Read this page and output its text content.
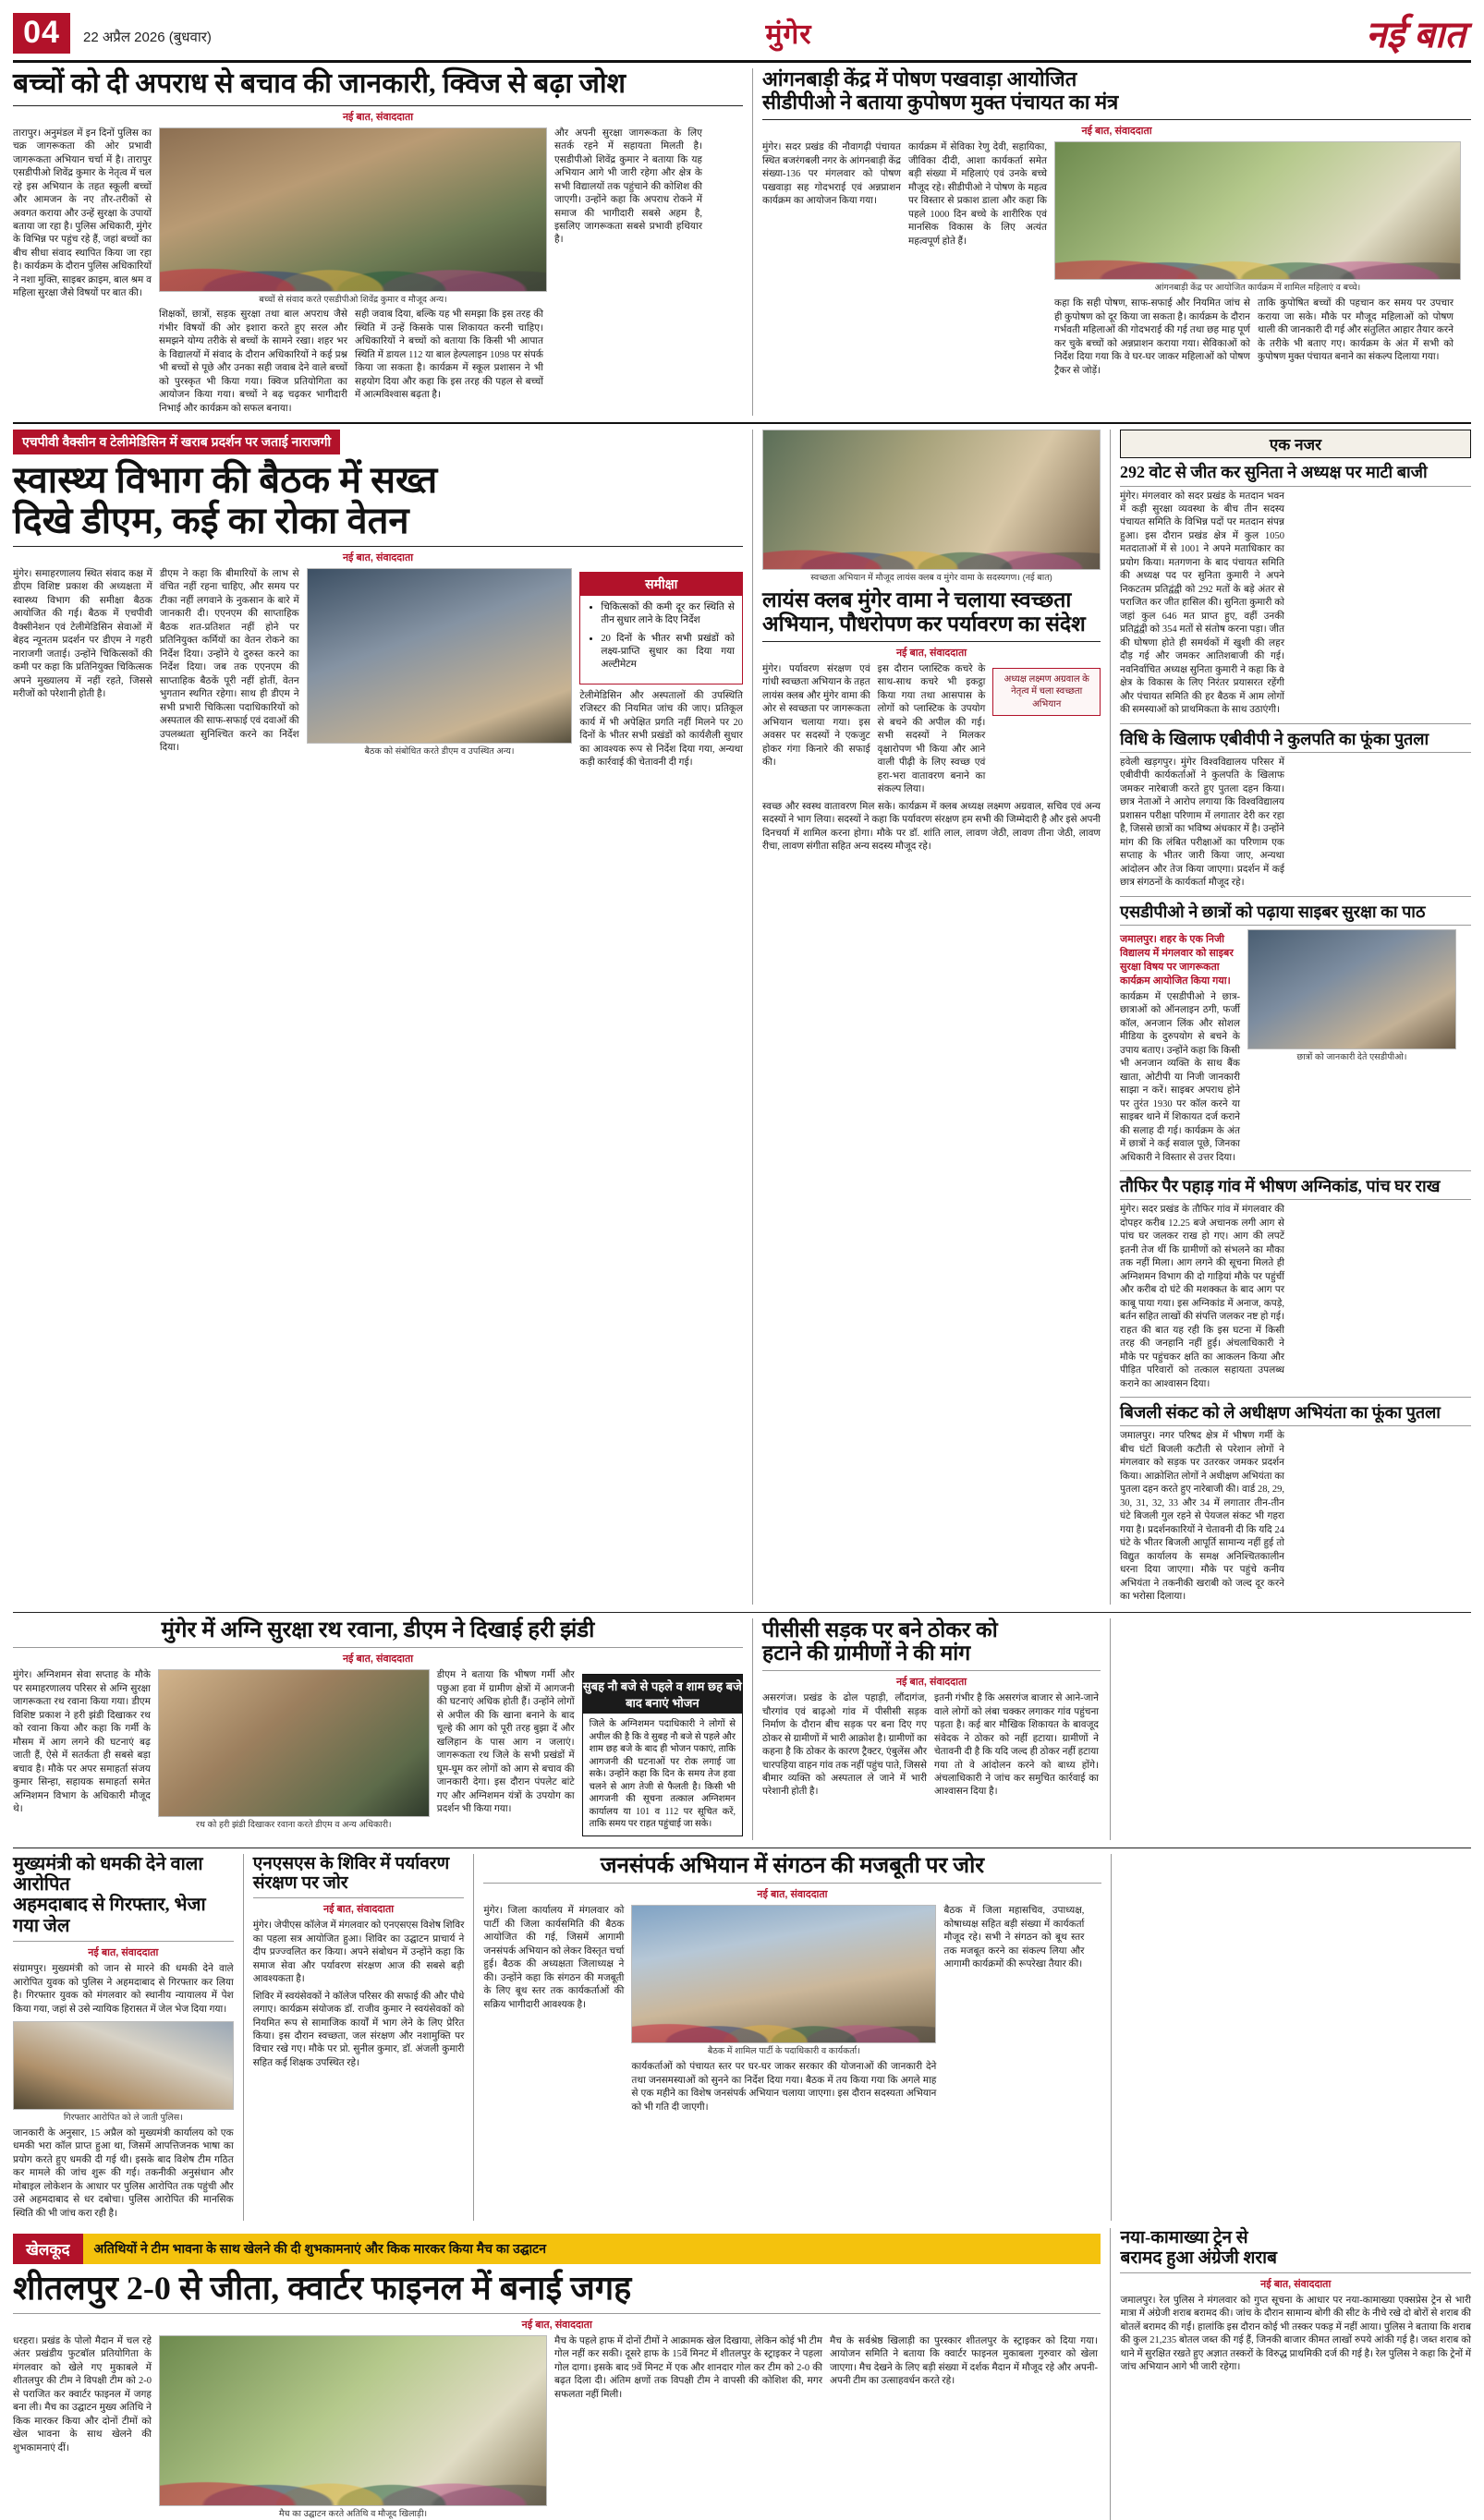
04	22 अप्रैल 2026 (बुधवार)	मुंगेर	नई बात
बच्चों को दी अपराध से बचाव की जानकारी, क्विज से बढ़ा जोश
नई बात, संवाददाता
तारापुर। अनुमंडल में इन दिनों पुलिस का चक्र जागरूकता की ओर प्रभावी जागरूकता अभियान चर्चा में है। तारापुर एसडीपीओ शिवेंद्र कुमार के नेतृत्व में चल रहे इस अभियान के तहत स्कूली बच्चों और आमजन के नए तौर-तरीकों से अवगत कराया और उन्हें सुरक्षा के उपायों बताया जा रहा है। पुलिस अधिकारी, मुंगेर के विभिन्न पर पहुंच रहे हैं, जहां बच्चों का बीच सीधा संवाद स्थापित किया जा रहा है। कार्यक्रम के दौरान पुलिस अधिकारियों ने नशा मुक्ति, साइबर क्राइम, बाल श्रम व महिला सुरक्षा जैसे विषयों पर बात की।
बच्चों से संवाद करते एसडीपीओ शिवेंद्र कुमार व मौजूद अन्य।
शिक्षकों, छात्रों, सड़क सुरक्षा तथा बाल अपराध जैसे गंभीर विषयों की ओर इशारा करते हुए सरल और समझने योग्य तरीके से बच्चों के सामने रखा। शहर भर के विद्यालयों में संवाद के दौरान अधिकारियों ने कई प्रश्न भी बच्चों से पूछे और उनका सही जवाब देने वाले बच्चों को पुरस्कृत भी किया गया। क्विज प्रतियोगिता का आयोजन किया गया। बच्चों ने बढ़ चढ़कर भागीदारी निभाई और कार्यक्रम को सफल बनाया।
सही जवाब दिया, बल्कि यह भी समझा कि इस तरह की स्थिति में उन्हें किसके पास शिकायत करनी चाहिए। अधिकारियों ने बच्चों को बताया कि किसी भी आपात स्थिति में डायल 112 या बाल हेल्पलाइन 1098 पर संपर्क किया जा सकता है। कार्यक्रम में स्कूल प्रशासन ने भी सहयोग दिया और कहा कि इस तरह की पहल से बच्चों में आत्मविश्वास बढ़ता है।
और अपनी सुरक्षा जागरूकता के लिए सतर्क रहने में सहायता मिलती है। एसडीपीओ शिवेंद्र कुमार ने बताया कि यह अभियान आगे भी जारी रहेगा और क्षेत्र के सभी विद्यालयों तक पहुंचाने की कोशिश की जाएगी। उन्होंने कहा कि अपराध रोकने में समाज की भागीदारी सबसे अहम है, इसलिए जागरूकता सबसे प्रभावी हथियार है।
आंगनबाड़ी केंद्र में पोषण पखवाड़ा आयोजित
सीडीपीओ ने बताया कुपोषण मुक्त पंचायत का मंत्र
नई बात, संवाददाता
मुंगेर। सदर प्रखंड की नौवागढ़ी पंचायत स्थित बजरंगबली नगर के आंगनबाड़ी केंद्र संख्या-136 पर मंगलवार को पोषण पखवाड़ा सह गोदभराई एवं अन्नप्राशन कार्यक्रम का आयोजन किया गया।
कार्यक्रम में सेविका रेणु देवी, सहायिका, जीविका दीदी, आशा कार्यकर्ता समेत बड़ी संख्या में महिलाएं एवं उनके बच्चे मौजूद रहे। सीडीपीओ ने पोषण के महत्व पर विस्तार से प्रकाश डाला और कहा कि पहले 1000 दिन बच्चे के शारीरिक एवं मानसिक विकास के लिए अत्यंत महत्वपूर्ण होते हैं।
आंगनबाड़ी केंद्र पर आयोजित कार्यक्रम में शामिल महिलाएं व बच्चे।
कहा कि सही पोषण, साफ-सफाई और नियमित जांच से ही कुपोषण को दूर किया जा सकता है। कार्यक्रम के दौरान गर्भवती महिलाओं की गोदभराई की गई तथा छह माह पूर्ण कर चुके बच्चों को अन्नप्राशन कराया गया। सेविकाओं को निर्देश दिया गया कि वे घर-घर जाकर महिलाओं को पोषण ट्रैकर से जोड़ें।
ताकि कुपोषित बच्चों की पहचान कर समय पर उपचार कराया जा सके। मौके पर मौजूद महिलाओं को पोषण थाली की जानकारी दी गई और संतुलित आहार तैयार करने के तरीके भी बताए गए। कार्यक्रम के अंत में सभी को कुपोषण मुक्त पंचायत बनाने का संकल्प दिलाया गया।
एचपीवी वैक्सीन व टेलीमेडिसिन में खराब प्रदर्शन पर जताई नाराजगी
स्वास्थ्य विभाग की बैठक में सख्त
दिखे डीएम, कई का रोका वेतन
नई बात, संवाददाता
मुंगेर। समाहरणालय स्थित संवाद कक्ष में डीएम विशिष्ट प्रकाश की अध्यक्षता में स्वास्थ्य विभाग की समीक्षा बैठक आयोजित की गई। बैठक में एचपीवी वैक्सीनेशन एवं टेलीमेडिसिन सेवाओं में बेहद न्यूनतम प्रदर्शन पर डीएम ने गहरी नाराजगी जताई। उन्होंने चिकित्सकों की कमी पर कहा कि प्रतिनियुक्त चिकित्सक अपने मुख्यालय में नहीं रहते, जिससे मरीजों को परेशानी होती है।
डीएम ने कहा कि बीमारियों के लाभ से वंचित नहीं रहना चाहिए, और समय पर टीका नहीं लगवाने के नुकसान के बारे में जानकारी दी। एएनएम की साप्ताहिक बैठक शत-प्रतिशत नहीं होने पर प्रतिनियुक्त कर्मियों का वेतन रोकने का निर्देश दिया। उन्होंने ये दुरुस्त करने का निर्देश दिया। जब तक एएनएम की साप्ताहिक बैठकें पूरी नहीं होतीं, वेतन भुगतान स्थगित रहेगा। साथ ही डीएम ने सभी प्रभारी चिकित्सा पदाधिकारियों को अस्पताल की साफ-सफाई एवं दवाओं की उपलब्धता सुनिश्चित करने का निर्देश दिया।	बैठक को संबोधित करते डीएम व उपस्थित अन्य।
समीक्षा
• चिकित्सकों की कमी दूर कर स्थिति से तीन सुधार लाने के दिए निर्देश
• 20 दिनों के भीतर सभी प्रखंडों को लक्ष्य-प्राप्ति सुधार का दिया गया अल्टीमेटम
टेलीमेडिसिन और अस्पतालों की उपस्थिति रजिस्टर की नियमित जांच की जाए। प्रतिकूल कार्य में भी अपेक्षित प्रगति नहीं मिलने पर 20 दिनों के भीतर सभी प्रखंडों को कार्यशैली सुधार का आवश्यक रूप से निर्देश दिया गया, अन्यथा कड़ी कार्रवाई की चेतावनी दी गई।
स्वच्छता अभियान में मौजूद लायंस क्लब व मुंगेर वामा के सदस्यगण। (नई बात)
लायंस क्लब मुंगेर वामा ने चलाया स्वच्छता
अभियान, पौधरोपण कर पर्यावरण का संदेश
नई बात, संवाददाता
मुंगेर। पर्यावरण संरक्षण एवं गांधी स्वच्छता अभियान के तहत लायंस क्लब और मुंगेर वामा की ओर से स्वच्छता पर जागरूकता अभियान चलाया गया। इस अवसर पर सदस्यों ने एकजुट होकर गंगा किनारे की सफाई की।
इस दौरान प्लास्टिक कचरे के साथ-साथ कचरे भी इकट्ठा किया गया तथा आसपास के लोगों को प्लास्टिक के उपयोग से बचने की अपील की गई। सभी सदस्यों ने मिलकर वृक्षारोपण भी किया और आने वाली पीढ़ी के लिए स्वच्छ एवं हरा-भरा वातावरण बनाने का संकल्प लिया।
अध्यक्ष लक्ष्मण अग्रवाल के नेतृत्व में चला स्वच्छता अभियान
स्वच्छ और स्वस्थ वातावरण मिल सके। कार्यक्रम में क्लब अध्यक्ष लक्ष्मण अग्रवाल, सचिव एवं अन्य सदस्यों ने भाग लिया। सदस्यों ने कहा कि पर्यावरण संरक्षण हम सभी की जिम्मेदारी है और इसे अपनी दिनचर्या में शामिल करना होगा। मौके पर डॉ. शांति लाल, लावण जेठी, लावण तीना जेठी, लावण रीचा, लावण संगीता सहित अन्य सदस्य मौजूद रहे।
एक नजर
292 वोट से जीत कर सुनिता ने अध्यक्ष पर माटी बाजी
मुंगेर। मंगलवार को सदर प्रखंड के मतदान भवन में कड़ी सुरक्षा व्यवस्था के बीच तीन सदस्य पंचायत समिति के विभिन्न पदों पर मतदान संपन्न हुआ। इस दौरान प्रखंड क्षेत्र में कुल 1050 मतदाताओं में से 1001 ने अपने मताधिकार का प्रयोग किया। मतगणना के बाद पंचायत समिति की अध्यक्ष पद पर सुनिता कुमारी ने अपने निकटतम प्रतिद्वंद्वी को 292 मतों के बड़े अंतर से पराजित कर जीत हासिल की। सुनिता कुमारी को जहां कुल 646 मत प्राप्त हुए, वहीं उनकी प्रतिद्वंद्वी को 354 मतों से संतोष करना पड़ा। जीत की घोषणा होते ही समर्थकों में खुशी की लहर दौड़ गई और जमकर आतिशबाजी की गई। नवनिर्वाचित अध्यक्ष सुनिता कुमारी ने कहा कि वे क्षेत्र के विकास के लिए निरंतर प्रयासरत रहेंगी और पंचायत समिति की हर बैठक में आम लोगों की समस्याओं को प्राथमिकता के साथ उठाएंगी।
विधि के खिलाफ एबीवीपी ने कुलपति का फूंका पुतला
हवेली खड़गपुर। मुंगेर विश्वविद्यालय परिसर में एबीवीपी कार्यकर्ताओं ने कुलपति के खिलाफ जमकर नारेबाजी करते हुए पुतला दहन किया। छात्र नेताओं ने आरोप लगाया कि विश्वविद्यालय प्रशासन परीक्षा परिणाम में लगातार देरी कर रहा है, जिससे छात्रों का भविष्य अंधकार में है। उन्होंने मांग की कि लंबित परीक्षाओं का परिणाम एक सप्ताह के भीतर जारी किया जाए, अन्यथा आंदोलन और तेज किया जाएगा। प्रदर्शन में कई छात्र संगठनों के कार्यकर्ता मौजूद रहे।
एसडीपीओ ने छात्रों को पढ़ाया साइबर सुरक्षा का पाठ
जमालपुर। शहर के एक निजी विद्यालय में मंगलवार को साइबर सुरक्षा विषय पर जागरूकता कार्यक्रम आयोजित किया गया।
कार्यक्रम में एसडीपीओ ने छात्र-छात्राओं को ऑनलाइन ठगी, फर्जी कॉल, अनजान लिंक और सोशल मीडिया के दुरुपयोग से बचने के उपाय बताए। उन्होंने कहा कि किसी भी अनजान व्यक्ति के साथ बैंक खाता, ओटीपी या निजी जानकारी साझा न करें। साइबर अपराध होने पर तुरंत 1930 पर कॉल करने या साइबर थाने में शिकायत दर्ज कराने की सलाह दी गई। कार्यक्रम के अंत में छात्रों ने कई सवाल पूछे, जिनका अधिकारी ने विस्तार से उत्तर दिया।
छात्रों को जानकारी देते एसडीपीओ।
तौफिर पैर पहाड़ गांव में भीषण अग्निकांड, पांच घर राख
मुंगेर। सदर प्रखंड के तौफिर गांव में मंगलवार की दोपहर करीब 12.25 बजे अचानक लगी आग से पांच घर जलकर राख हो गए। आग की लपटें इतनी तेज थीं कि ग्रामीणों को संभलने का मौका तक नहीं मिला। आग लगने की सूचना मिलते ही अग्निशमन विभाग की दो गाड़ियां मौके पर पहुंचीं और करीब दो घंटे की मशक्कत के बाद आग पर काबू पाया गया। इस अग्निकांड में अनाज, कपड़े, बर्तन सहित लाखों की संपत्ति जलकर नष्ट हो गई। राहत की बात यह रही कि इस घटना में किसी तरह की जनहानि नहीं हुई। अंचलाधिकारी ने मौके पर पहुंचकर क्षति का आकलन किया और पीड़ित परिवारों को तत्काल सहायता उपलब्ध कराने का आश्वासन दिया।
बिजली संकट को ले अधीक्षण अभियंता का फूंका पुतला
जमालपुर। नगर परिषद क्षेत्र में भीषण गर्मी के बीच घंटों बिजली कटौती से परेशान लोगों ने मंगलवार को सड़क पर उतरकर जमकर प्रदर्शन किया। आक्रोशित लोगों ने अधीक्षण अभियंता का पुतला दहन करते हुए नारेबाजी की। वार्ड 28, 29, 30, 31, 32, 33 और 34 में लगातार तीन-तीन घंटे बिजली गुल रहने से पेयजल संकट भी गहरा गया है। प्रदर्शनकारियों ने चेतावनी दी कि यदि 24 घंटे के भीतर बिजली आपूर्ति सामान्य नहीं हुई तो विद्युत कार्यालय के समक्ष अनिश्चितकालीन धरना दिया जाएगा। मौके पर पहुंचे कनीय अभियंता ने तकनीकी खराबी को जल्द दूर करने का भरोसा दिलाया।
मुंगेर में अग्नि सुरक्षा रथ रवाना, डीएम ने दिखाई हरी झंडी
नई बात, संवाददाता
मुंगेर। अग्निशमन सेवा सप्ताह के मौके पर समाहरणालय परिसर से अग्नि सुरक्षा जागरूकता रथ रवाना किया गया। डीएम विशिष्ट प्रकाश ने हरी झंडी दिखाकर रथ को रवाना किया और कहा कि गर्मी के मौसम में आग लगने की घटनाएं बढ़ जाती हैं, ऐसे में सतर्कता ही सबसे बड़ा बचाव है। मौके पर अपर समाहर्ता संजय कुमार सिन्हा, सहायक समाहर्ता समेत अग्निशमन विभाग के अधिकारी मौजूद थे।
रथ को हरी झंडी दिखाकर रवाना करते डीएम व अन्य अधिकारी।
डीएम ने बताया कि भीषण गर्मी और पछुआ हवा में ग्रामीण क्षेत्रों में आगजनी की घटनाएं अधिक होती हैं। उन्होंने लोगों से अपील की कि खाना बनाने के बाद चूल्हे की आग को पूरी तरह बुझा दें और खलिहान के पास आग न जलाएं। जागरूकता रथ जिले के सभी प्रखंडों में घूम-घूम कर लोगों को आग से बचाव की जानकारी देगा। इस दौरान पंपलेट बांटे गए और अग्निशमन यंत्रों के उपयोग का प्रदर्शन भी किया गया।
सुबह नौ बजे से पहले व शाम छह बजे बाद बनाएं भोजन
जिले के अग्निशमन पदाधिकारी ने लोगों से अपील की है कि वे सुबह नौ बजे से पहले और शाम छह बजे के बाद ही भोजन पकाएं, ताकि आगजनी की घटनाओं पर रोक लगाई जा सके। उन्होंने कहा कि दिन के समय तेज हवा चलने से आग तेजी से फैलती है। किसी भी आगजनी की सूचना तत्काल अग्निशमन कार्यालय या 101 व 112 पर सूचित करें, ताकि समय पर राहत पहुंचाई जा सके।
पीसीसी सड़क पर बने ठोकर को
हटाने की ग्रामीणों ने की मांग
नई बात, संवाददाता
असरगंज। प्रखंड के ढोल पहाड़ी, लौंदागंज, चौरगांव एवं बाढ़ओ गांव में पीसीसी सड़क निर्माण के दौरान बीच सड़क पर बना दिए गए ठोकर से ग्रामीणों में भारी आक्रोश है। ग्रामीणों का कहना है कि ठोकर के कारण ट्रैक्टर, एंबुलेंस और चारपहिया वाहन गांव तक नहीं पहुंच पाते, जिससे बीमार व्यक्ति को अस्पताल ले जाने में भारी परेशानी होती है।
इतनी गंभीर है कि असरगंज बाजार से आने-जाने वाले लोगों को लंबा चक्कर लगाकर गांव पहुंचना पड़ता है। कई बार मौखिक शिकायत के बावजूद संवेदक ने ठोकर को नहीं हटाया। ग्रामीणों ने चेतावनी दी है कि यदि जल्द ही ठोकर नहीं हटाया गया तो वे आंदोलन करने को बाध्य होंगे। अंचलाधिकारी ने जांच कर समुचित कार्रवाई का आश्वासन दिया है।
मुख्यमंत्री को धमकी देने वाला आरोपित
अहमदाबाद से गिरफ्तार, भेजा गया जेल
नई बात, संवाददाता
संग्रामपुर। मुख्यमंत्री को जान से मारने की धमकी देने वाले आरोपित युवक को पुलिस ने अहमदाबाद से गिरफ्तार कर लिया है। गिरफ्तार युवक को मंगलवार को स्थानीय न्यायालय में पेश किया गया, जहां से उसे न्यायिक हिरासत में जेल भेज दिया गया।
गिरफ्तार आरोपित को ले जाती पुलिस।
जानकारी के अनुसार, 15 अप्रैल को मुख्यमंत्री कार्यालय को एक धमकी भरा कॉल प्राप्त हुआ था, जिसमें आपत्तिजनक भाषा का प्रयोग करते हुए धमकी दी गई थी। इसके बाद विशेष टीम गठित कर मामले की जांच शुरू की गई। तकनीकी अनुसंधान और मोबाइल लोकेशन के आधार पर पुलिस आरोपित तक पहुंची और उसे अहमदाबाद से धर दबोचा। पुलिस आरोपित की मानसिक स्थिति की भी जांच करा रही है।
एनएसएस के शिविर में पर्यावरण संरक्षण पर जोर
नई बात, संवाददाता
मुंगेर। जेपीएस कॉलेज में मंगलवार को एनएसएस विशेष शिविर का पहला सत्र आयोजित हुआ। शिविर का उद्घाटन प्राचार्य ने दीप प्रज्ज्वलित कर किया। अपने संबोधन में उन्होंने कहा कि समाज सेवा और पर्यावरण संरक्षण आज की सबसे बड़ी आवश्यकता है।
शिविर में स्वयंसेवकों ने कॉलेज परिसर की सफाई की और पौधे लगाए। कार्यक्रम संयोजक डॉ. राजीव कुमार ने स्वयंसेवकों को नियमित रूप से सामाजिक कार्यों में भाग लेने के लिए प्रेरित किया। इस दौरान स्वच्छता, जल संरक्षण और नशामुक्ति पर विचार रखे गए। मौके पर प्रो. सुनील कुमार, डॉ. अंजली कुमारी सहित कई शिक्षक उपस्थित रहे।
जनसंपर्क अभियान में संगठन की मजबूती पर जोर
नई बात, संवाददाता
मुंगेर। जिला कार्यालय में मंगलवार को पार्टी की जिला कार्यसमिति की बैठक आयोजित की गई, जिसमें आगामी जनसंपर्क अभियान को लेकर विस्तृत चर्चा हुई। बैठक की अध्यक्षता जिलाध्यक्ष ने की। उन्होंने कहा कि संगठन की मजबूती के लिए बूथ स्तर तक कार्यकर्ताओं की सक्रिय भागीदारी आवश्यक है।
बैठक में शामिल पार्टी के पदाधिकारी व कार्यकर्ता।
कार्यकर्ताओं को पंचायत स्तर पर घर-घर जाकर सरकार की योजनाओं की जानकारी देने तथा जनसमस्याओं को सुनने का निर्देश दिया गया। बैठक में तय किया गया कि अगले माह से एक महीने का विशेष जनसंपर्क अभियान चलाया जाएगा। इस दौरान सदस्यता अभियान को भी गति दी जाएगी।
बैठक में जिला महासचिव, उपाध्यक्ष, कोषाध्यक्ष सहित बड़ी संख्या में कार्यकर्ता मौजूद रहे। सभी ने संगठन को बूथ स्तर तक मजबूत करने का संकल्प लिया और आगामी कार्यक्रमों की रूपरेखा तैयार की।
खेलकूद	अतिथियों ने टीम भावना के साथ खेलने की दी शुभकामनाएं और किक मारकर किया मैच का उद्घाटन
शीतलपुर 2-0 से जीता, क्वार्टर फाइनल में बनाई जगह
नई बात, संवाददाता
धरहरा। प्रखंड के पोलो मैदान में चल रहे अंतर प्रखंडीय फुटबॉल प्रतियोगिता के मंगलवार को खेले गए मुकाबले में शीतलपुर की टीम ने विपक्षी टीम को 2-0 से पराजित कर क्वार्टर फाइनल में जगह बना ली। मैच का उद्घाटन मुख्य अतिथि ने किक मारकर किया और दोनों टीमों को खेल भावना के साथ खेलने की शुभकामनाएं दीं।
मैच का उद्घाटन करते अतिथि व मौजूद खिलाड़ी।
मैच के पहले हाफ में दोनों टीमों ने आक्रामक खेल दिखाया, लेकिन कोई भी टीम गोल नहीं कर सकी। दूसरे हाफ के 15वें मिनट में शीतलपुर के स्ट्राइकर ने पहला गोल दागा। इसके बाद 9वें मिनट में एक और शानदार गोल कर टीम को 2-0 की बढ़त दिला दी। अंतिम क्षणों तक विपक्षी टीम ने वापसी की कोशिश की, मगर सफलता नहीं मिली।
मैच के सर्वश्रेष्ठ खिलाड़ी का पुरस्कार शीतलपुर के स्ट्राइकर को दिया गया। आयोजन समिति ने बताया कि क्वार्टर फाइनल मुकाबला गुरुवार को खेला जाएगा। मैच देखने के लिए बड़ी संख्या में दर्शक मैदान में मौजूद रहे और अपनी-अपनी टीम का उत्साहवर्धन करते रहे।
नया-कामाख्या ट्रेन से
बरामद हुआ अंग्रेजी शराब
नई बात, संवाददाता
जमालपुर। रेल पुलिस ने मंगलवार को गुप्त सूचना के आधार पर नया-कामाख्या एक्सप्रेस ट्रेन से भारी मात्रा में अंग्रेजी शराब बरामद की। जांच के दौरान सामान्य बोगी की सीट के नीचे रखे दो बोरों से शराब की बोतलें बरामद की गईं। हालांकि इस दौरान कोई भी तस्कर पकड़ में नहीं आया। पुलिस ने बताया कि शराब की कुल 21,235 बोतल जब्त की गई हैं, जिनकी बाजार कीमत लाखों रुपये आंकी गई है। जब्त शराब को थाने में सुरक्षित रखते हुए अज्ञात तस्करों के विरुद्ध प्राथमिकी दर्ज की गई है। रेल पुलिस ने कहा कि ट्रेनों में जांच अभियान आगे भी जारी रहेगा।
